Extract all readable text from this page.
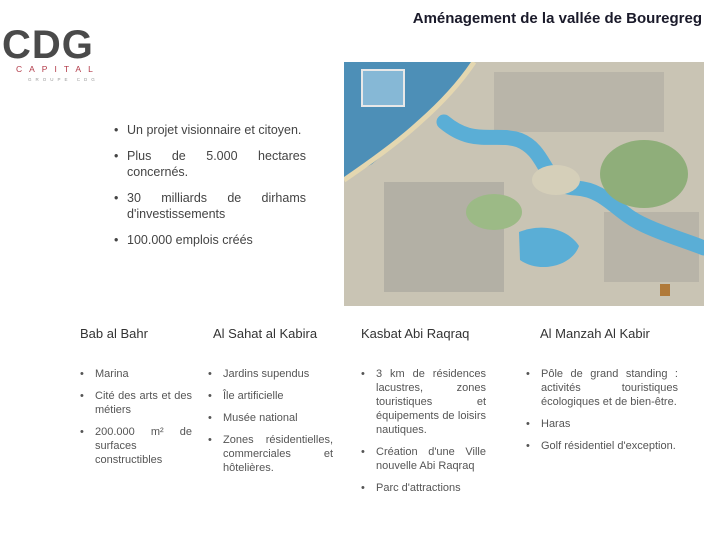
CDG
CAPITAL
GROUPE CDG
Aménagement de la vallée de Bouregreg
• Un projet visionnaire et citoyen.
• Plus de 5.000 hectares concernés.
• 30 milliards de dirhams d'investissements
• 100.000 emplois créés
Bab al Bahr
• Marina
• Cité des arts et des métiers
• 200.000 m² de surfaces constructibles
Al Sahat al Kabira
• Jardins supendus
• Île artificielle
• Musée national
• Zones résidentielles, commerciales et hôtelières.
Kasbat Abi Raqraq
• 3 km de résidences lacustres, zones touristiques et équipements de loisirs nautiques.
• Création d'une Ville nouvelle Abi Raqraq
• Parc d'attractions
Al Manzah Al Kabir
• Pôle de grand standing : activités touristiques écologiques et de bien-être.
• Haras
• Golf résidentiel d'exception.
